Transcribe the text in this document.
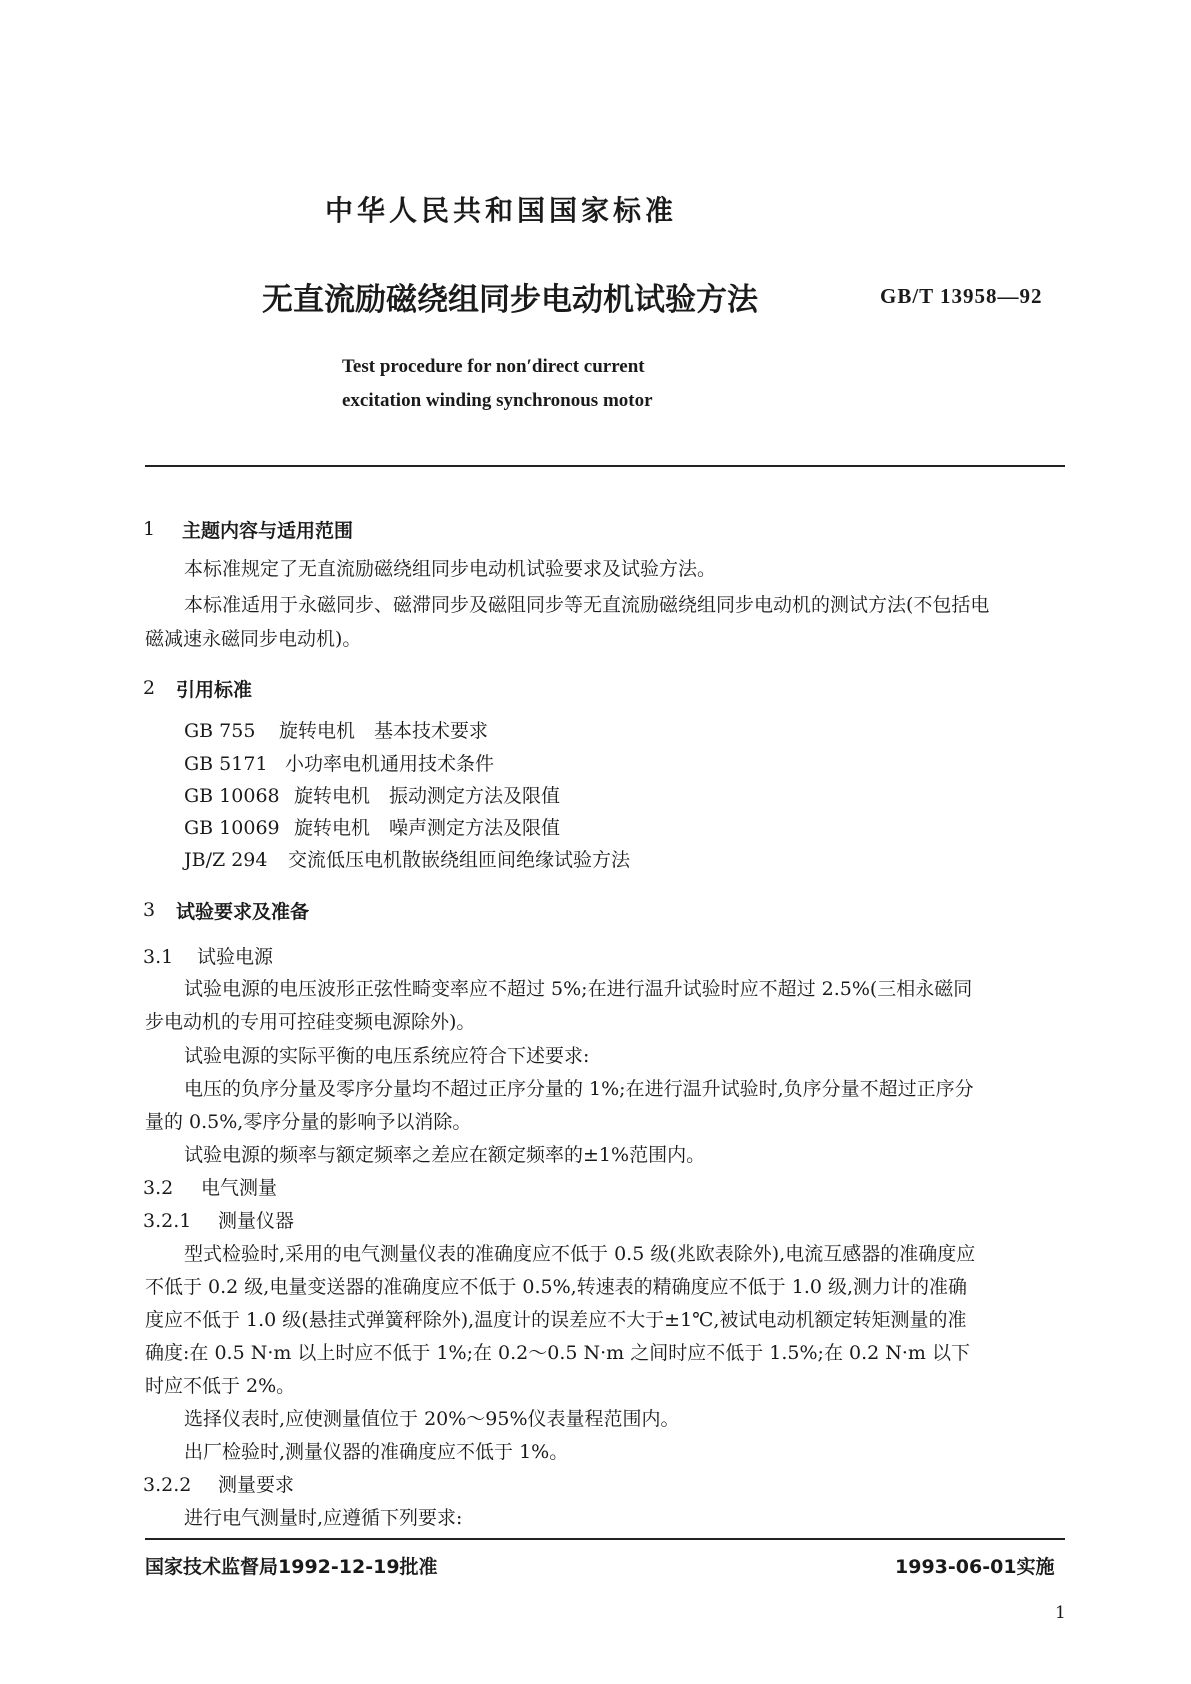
中华人民共和国国家标准
无直流励磁绕组同步电动机试验方法	GB/T 13958—92
Test procedure for non′direct current
excitation winding synchronous motor
1 主题内容与适用范围
本标准规定了无直流励磁绕组同步电动机试验要求及试验方法。
本标准适用于永磁同步、磁滞同步及磁阻同步等无直流励磁绕组同步电动机的测试方法(不包括电
磁减速永磁同步电动机)。
2 引用标准
GB 755 旋转电机　基本技术要求
GB 5171 小功率电机通用技术条件
GB 10068 旋转电机　振动测定方法及限值
GB 10069 旋转电机　噪声测定方法及限值
JB/Z 294 交流低压电机散嵌绕组匝间绝缘试验方法
3 试验要求及准备
3.1 试验电源
试验电源的电压波形正弦性畸变率应不超过 5%;在进行温升试验时应不超过 2.5%(三相永磁同
步电动机的专用可控硅变频电源除外)。
试验电源的实际平衡的电压系统应符合下述要求:
电压的负序分量及零序分量均不超过正序分量的 1%;在进行温升试验时,负序分量不超过正序分
量的 0.5%,零序分量的影响予以消除。
试验电源的频率与额定频率之差应在额定频率的±1%范围内。
3.2 电气测量
3.2.1 测量仪器
型式检验时,采用的电气测量仪表的准确度应不低于 0.5 级(兆欧表除外),电流互感器的准确度应
不低于 0.2 级,电量变送器的准确度应不低于 0.5%,转速表的精确度应不低于 1.0 级,测力计的准确
度应不低于 1.0 级(悬挂式弹簧秤除外),温度计的误差应不大于±1℃,被试电动机额定转矩测量的准
确度:在 0.5 N·m 以上时应不低于 1%;在 0.2～0.5 N·m 之间时应不低于 1.5%;在 0.2 N·m 以下
时应不低于 2%。
选择仪表时,应使测量值位于 20%～95%仪表量程范围内。
出厂检验时,测量仪器的准确度应不低于 1%。
3.2.2 测量要求
进行电气测量时,应遵循下列要求:
国家技术监督局1992-12-19批准	1993-06-01实施
1
